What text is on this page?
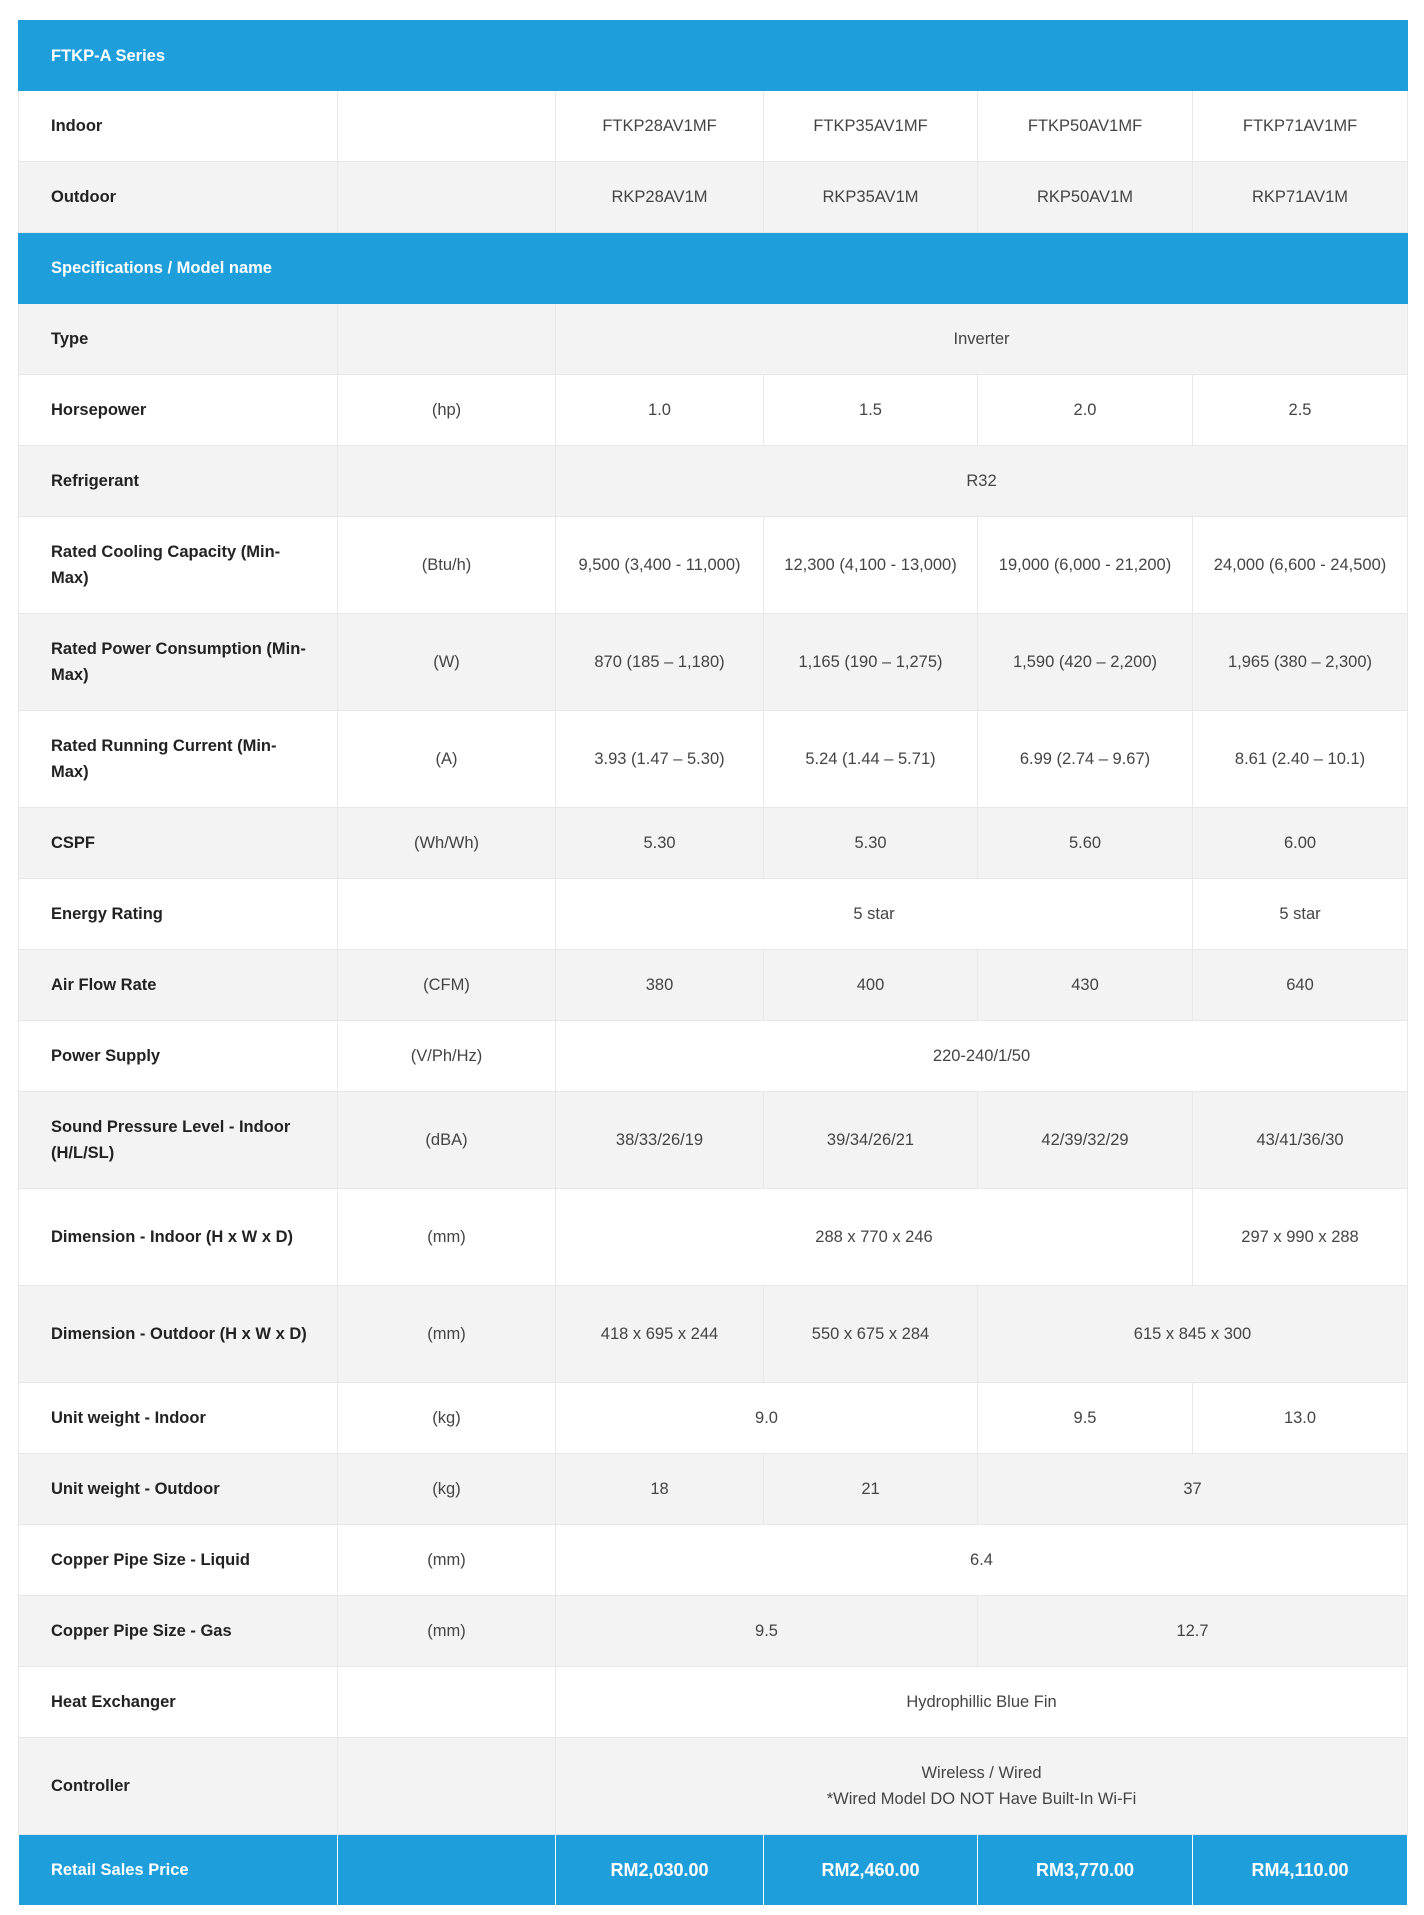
FTKP-A Series					
Indoor		FTKP28AV1MF	FTKP35AV1MF	FTKP50AV1MF	FTKP71AV1MF
Outdoor		RKP28AV1M	RKP35AV1M	RKP50AV1M	RKP71AV1M
Specifications / Model name					
Type		Inverter			
Horsepower	(hp)	1.0	1.5	2.0	2.5
Refrigerant		R32			
Rated Cooling Capacity (Min-Max)	(Btu/h)	9,500 (3,400 - 11,000)	12,300 (4,100 - 13,000)	19,000 (6,000 - 21,200)	24,000 (6,600 - 24,500)
Rated Power Consumption (Min-Max)	(W)	870 (185 – 1,180)	1,165 (190 – 1,275)	1,590 (420 – 2,200)	1,965 (380 – 2,300)
Rated Running Current (Min-Max)	(A)	3.93 (1.47 – 5.30)	5.24 (1.44 – 5.71)	6.99 (2.74 – 9.67)	8.61 (2.40 – 10.1)
CSPF	(Wh/Wh)	5.30	5.30	5.60	6.00
Energy Rating		5 star			5 star
Air Flow Rate	(CFM)	380	400	430	640
Power Supply	(V/Ph/Hz)	220-240/1/50			
Sound Pressure Level - Indoor (H/L/SL)	(dBA)	38/33/26/19	39/34/26/21	42/39/32/29	43/41/36/30
Dimension - Indoor (H x W x D)	(mm)	288 x 770 x 246			297 x 990 x 288
Dimension - Outdoor (H x W x D)	(mm)	418 x 695 x 244	550 x 675 x 284	615 x 845 x 300	
Unit weight - Indoor	(kg)	9.0		9.5	13.0
Unit weight - Outdoor	(kg)	18	21	37	
Copper Pipe Size - Liquid	(mm)	6.4			
Copper Pipe Size - Gas	(mm)	9.5		12.7	
Heat Exchanger		Hydrophillic Blue Fin			
Controller		Wireless / Wired
*Wired Model DO NOT Have Built-In Wi-Fi			

Retail Sales Price		RM2,030.00	RM2,460.00	RM3,770.00	RM4,110.00
